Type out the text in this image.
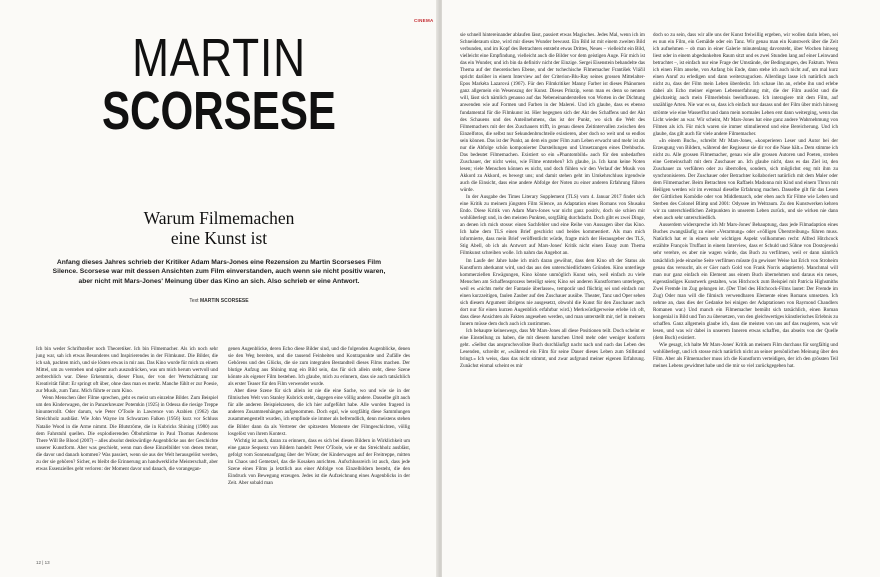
CINEMA
MARTIN
SCORSESE
Warum Filmemachen
eine Kunst ist
Anfang dieses Jahres schrieb der Kritiker Adam Mars-Jones eine Rezension zu Martin Scorseses Film Silence. Scorsese war mit dessen Ansichten zum Film einverstanden, auch wenn sie nicht positiv waren, aber nicht mit Mars-Jones' Meinung über das Kino an sich. Also schrieb er eine Antwort.
Text MARTIN SCORSESE

Ich bin weder Schriftsteller noch Theoretiker. Ich bin Filmemacher. Als ich noch sehr jung war, sah ich etwas Besonderes und Inspirierendes in der Filmkunst. Die Bilder, die ich sah, packten mich, und sie lösten etwas in mir aus. Das Kino wurde für mich zu einem Mittel, um zu verstehen und später auch auszudrücken, was um mich herum wertvoll und zerbrechlich war. Diese Erkenntnis, dieser Fluss, der von der Wertschätzung zur Kreativität führt: Er springt oft über, ohne dass man es merkt. Manche fühlt er zur Poesie, zur Musik, zum Tanz. Mich führte er zum Kino.

Wenn Menschen über Filme sprechen, geht es meist um einzelne Bilder. Zum Beispiel um den Kinderwagen, der in Panzerkreuzer Potemkin (1925) in Odessa die riesige Treppe hinunterrollt. Oder darum, wie Peter O'Toole in Lawrence von Arabien (1962) das Streichholz ausbläst. Wie John Wayne im Schwarzen Falken (1956) kurz vor Schluss Natalie Wood in die Arme nimmt. Die Blutströme, die in Kubricks Shining (1980) aus dem Fahrstuhl quellen. Die explodierenden Ölbohrtürme in Paul Thomas Andersons There Will Be Blood (2007) – alles absolut denkwürdige Augenblicke aus der Geschichte unserer Kunstform. Aber was geschieht, wenn man diese Einzelbilder von denen trennt, die davor und danach kommen? Was passiert, wenn sie aus der Welt herausgelöst werden, zu der sie gehören? Sicher, es bleibt die Erinnerung an handwerkliche Meisterschaft, aber etwas Essenzielles geht verloren: der Moment davor und danach, die vorangegan-

genen Augenblicke, deren Echo diese Bilder sind, und die folgenden Augenblicke, denen sie den Weg bereiten, und die tausend Feinheiten und Kontrapunkte und Zufälle des Gehörens und des Glücks, die sie zum integralen Bestandteil dieses Films machen. Der blutige Aufzug aus Shining mag ein Bild sein, das für sich allein steht, diese Szene könnte als eigener Film bestehen. Ich glaube, mich zu erinnern, dass sie auch tatsächlich als erster Teaser für den Film verwendet wurde.

Aber diese Szene für sich allein ist nie die eine Sache, wo und wie sie in der filmischen Welt von Stanley Kubrick steht, dagegen eine völlig andere. Dasselbe gilt auch für alle anderen Beispielszenen, die ich hier aufgeführt habe. Alle wurden fragend in anderen Zusammenhängen aufgenommen. Doch egal, wie sorgfältig diese Sammlungen zusammengestellt wurden, ich empfinde sie immer als befremdlich, denn meistens stehen die Bilder dann da als Vertreter der spitzesten Momente der Filmgeschichten, völlig losgelöst von ihrem Kontext.

Wichtig ist auch, daran zu erinnern, dass es sich bei diesen Bildern in Wirklichkeit um eine ganze Sequenz von Bildern handelt: Peter O'Toole, wie er das Streichholz ausbläst, gefolgt vom Sonnenaufgang über der Wüste; der Kinderwagen auf der Freitreppe, mitten im Chaos und Gemetzel, das die Kosaken anrichten. Aufschlussreich ist auch, dass jede Szene eines Films ja letztlich aus einer Abfolge von Einzelbildern besteht, die den Eindruck von Bewegung erzeugen. Jedes ist die Aufzeichnung eines Augenblicks in der Zeit. Aber sobald man

12 | 13

sie schnell hintereinander ablaufen lässt, passiert etwas Magisches. Jedes Mal, wenn ich im Schneideraum sitze, wird mir dieses Wunder bewusst. Ein Bild ist mit einem zweiten Bild verbunden, und im Kopf des Betrachters entsteht etwas Drittes, Neues – vielleicht ein Bild, vielleicht eine Empfindung, vielleicht auch die Bilder vor dem geistigen Auge. Für mich ist das ein Wunder, und ich bin da definitiv nicht der Einzige. Sergei Eisenstein behandelte das Thema auf der theoretischen Ebene, und der tschechische Filmemacher František Vláčil spricht darüber in einem Interview auf der Criterion-Blu-Ray seines grossen Mittelalter-Epos Markéta Lazarová (1967). Für den Filmkritiker Manny Farber ist dieses Phänomen ganz allgemein ein Wesenszug der Kunst. Dieses Prinzip, wenn man es denn so nennen will, lässt sich nämlich genauso auf das Nebeneinanderstellen von Worten in der Dichtung anwenden wie auf Formen und Farben in der Malerei. Und ich glaube, dass es ebenso fundamental für die Filmkunst ist. Hier begegnen sich der Akt des Schaffens und der Akt des Schauens und des Anteilnehmens, das ist der Punkt, wo sich die Welt des Filmemachers mit der des Zuschauers trifft, in genau diesen Zeitintervallen zwischen den Einzelfotos, die selbst nur Sekundenbruchteile existieren, aber doch so weit und so endlos sein können. Das ist der Punkt, an dem ein guter Film zum Leben erwacht und mehr ist als nur die Abfolge schön komponierter Darstellungen und Umsetzungen eines Drehbuchs. Das bedeutet Filmemachen. Existiert so ein «Phantombild» auch für den unbedarften Zuschauer, der nicht weiss, wie Filme entstehen? Ich glaube, ja. Ich kann keine Noten lesen; viele Menschen können es nicht, und doch fühlen wir den Verlauf der Musik von Akkord zu Akkord, es bewegt uns; und damit stehen geht im Umkehrschluss irgendwie auch die Einsicht, dass eine andere Abfolge der Noten zu einer anderen Erfahrung führen würde.

In der Ausgabe des Times Literary Supplement (TLS) vom 4. Januar 2017 findet sich eine Kritik zu meinem jüngsten Film Silence, an Adaptation eines Romans von Shusaku Endo. Diese Kritik von Adam Mars-Jones war nicht ganz positiv, doch sie schien mir wohlüberlegt und, in den meisten Punkten, sorgfältig durchdacht. Doch gibt es zwei Dinge, an denen ich mich stosse: einen Sachfehler und eine Reihe von Aussagen über das Kino. Ich habe dem TLS einen Brief geschickt und beides kommentiert. Als man mich informierte, dass mein Brief veröffentlicht würde, fragte mich der Herausgeber des TLS, Stig Abell, ob ich als Antwort auf Mars-Jones' Kritik nicht einen Essay zum Thema Filmkunst schreiben wolle. Ich nahm das Angebot an.

Im Laufe der Jahre habe ich mich daran gewöhnt, dass dem Kino oft der Status als Kunstform aberkannt wird, und das aus den unterschiedlichsten Gründen. Kino unterliege kommerziellen Erwägungen, Kino könne unmöglich Kunst sein, weil einfach zu viele Menschen am Schaffensprozess beteiligt seien; Kino sei anderen Kunstformen unterlegen, weil es «nichts mehr der Fantasie überlasse», temporär und flüchtig sei und einfach nur einen kurzzeitigen, faulen Zauber auf den Zuschauer ausübe. Theater, Tanz und Oper sehen sich diesem Argument übrigens nie ausgesetzt, obwohl die Kunst für den Zuschauer auch dort nur für einen kurzen Augenblick erfahrbar wird.) Merkwürdigerweise erlebe ich oft, dass diese Ansichten als Fakten angesehen werden, und man unterstellt mir, tief in meinem Innern müsse dem doch auch ich zustimmen.

Ich behaupte keineswegs, dass Mr Mars-Jones all diese Positionen teilt. Doch scheint er eine Einstellung zu haben, die mit diesem harschen Urteil mehr oder weniger konform geht. «Selbst das anspruchsvollste Buch durchläufigt nacht nach und nach das Leben des Lesenden, schreibt er, «während ein Film für seine Dauer dieses Leben zum Stillstand bringt.» Ich weiss, dass das nicht stimmt, und zwar aufgrund meiner eigenen Erfahrung. Zunächst einmal scheint es mir

doch so zu sein, dass wir alle uns der Kunst freiwillig ergeben, wir wollen darin leben, sei es nun ein Film, ein Gemälde oder ein Tanz. Wir genau man ein Kunstwerk über die Zeit ich aufnehmen – ob man in einer Galerie minutenlang davorsteht, über Wochen hinweg liest oder in einem abgedunkelten Raum sitzt und es zwei Stunden lang auf einer Leinwand betrachtet –, ist einfach nur eine Frage der Umstände, der Bedingungen, des Faktum. Wenn ich einen Film ansehe, von Anfang bis Ende, dann stehe ich auch nicht auf, um mal kurz einen Anruf zu erledigen und dann weiterzugucken. Allerdings lasse ich natürlich auch nicht zu, dass der Film mein Leben überdeckt. Ich schaue ihn an, erlebe ihn und erlebe dabei als Echo meiner eigenen Lebenserfahrung mit, die der Film auslöst und die gleichzeitig auch mein Filmerlebnis beeinflussen. Ich interagiere mit dem Film, auf unzählige Arten. Nie war es so, dass ich einfach nur dasass und der Film über mich hinweg strömte wie eine Wasserflut und dann mein normales Leben erst dann weiterging, wenn das Licht wieder an war. Wir scheint, Mr Mars-Jones hat eine ganz andere Wahrnehmung von Filmen als ich. Für mich waren sie immer stimulierend und eine Bereicherung. Und ich glaube, das gilt auch für viele andere Filmemacher.

«In einem Buch», schreibt Mr Mars-Jones, «kooperieren Leser und Autor bei der Erzeugung von Bildern, während der Regisseur sie dir vor die Nase hält.» Dem stimme ich nicht zu. Alle grossen Filmemacher, genau wie alle grossen Autoren und Poeten, streben eine Gemeinschaft mit dem Zuschauer an. Ich glaube nicht, dass es das Ziel ist, den Zuschauer zu verführen oder zu überrollen, sondern, sich möglichst eng mit ihm zu synchronisieren. Der Zuschauer oder Betrachter kollaboriert natürlich mit dem Maler oder dem Filmemacher. Beim Betrachten von Raffaels Madonna mit Kind und einem Thron mit Heiligen werden wir im eventual dieselbe Erfahrung machen. Dasselbe gilt für das Lesen der Göttlichen Komödie oder von Middlemarch, oder eben auch für Filme wie Leben und Sterben des Colonel Blimp und 2001: Odyssee im Weltraum. Zu den Kunstwerken kehren wir zu unterschiedlichen Zeitpunkten in unserem Leben zurück, und sie wirken nie dann eben auch sehr unterschiedlich.

Ausserdem widerspreche ich Mr Mars-Jones' Behauptung, dass jede Filmadaption eines Buches zwangsläufig zu einer «Verarmung» oder «völligen Überstreibung» führen muss. Natürlich hat er in einem sehr wichtigen Aspekt vollkommen recht: Alfred Hitchcock erzählte François Truffaut in einem Interview, dass er Schuld und Sühne von Dostojewski sehr verehre, es aber nie wagen würde, das Buch zu verfilmen, weil er dann nämlich tatsächlich jede einzelne Seite verfilmen müsste (in gewisser Weise hat Erich von Stroheim genau das versucht, als er Gier nach Gold von Frank Norris adaptierte). Manchmal will man nur ganz einfach ein Element aus einem Buch übernehmen und daraus ein neues, eigenständiges Kunstwerk gestalten, was Hitchcock zum Beispiel mit Patricia Highsmiths Zwei Fremde im Zug gelungen ist. (Der Titel des Hitchcock-Films lautet: Der Fremde im Zug) Oder man will die filmisch verwendbaren Elemente eines Romans umsetzen. Ich nehme an, dass dies der Gedanke bei einigen der Adaptationen von Raymond Chandlers Romanen war.) Und manch ein Filmemacher bemüht sich tatsächlich, einen Roman kongenial in Bild und Ton zu übersetzen, von den gleichwertiges künstlerisches Erlebnis zu schaffen. Ganz allgemein glaube ich, dass die meisten von uns auf das reagieren, was wir lesen, und was wir dabei in unserem Inneren etwas schaffen, das abseits von der Quelle (dem Buch) existiert.

Wie gesagt, ich halte Mr Mars-Jones' Kritik an meinem Film durchaus für sorgfältig und wohlüberlegt, und ich stosse mich natürlich nicht an seiner persönlichen Meinung über den Film. Aber als Filmemacher muss ich die Kunstform verteidigen, der ich den grössten Teil meines Lebens gewidmet habe und die mir so viel zurückgegeben hat.
